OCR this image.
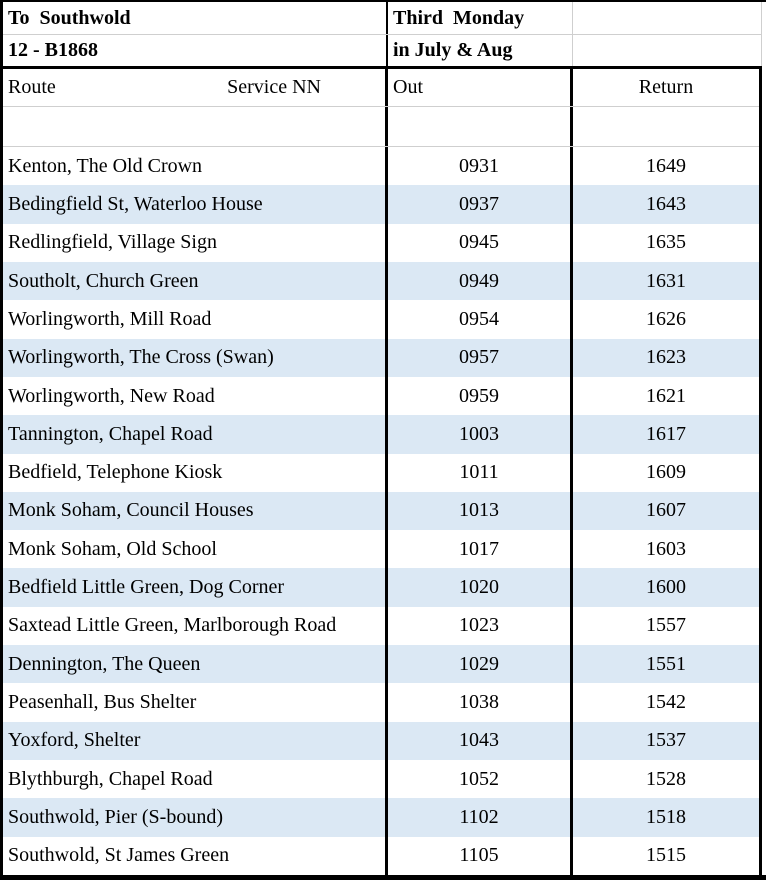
To  Southwold	Third  Monday
12 - B1868	in July & Aug
Route	Service NN	Out	Return
Kenton, The Old Crown	0931	1649
Bedingfield St, Waterloo House	0937	1643
Redlingfield, Village Sign	0945	1635
Southolt, Church Green	0949	1631
Worlingworth, Mill Road	0954	1626
Worlingworth, The Cross (Swan)	0957	1623
Worlingworth, New Road	0959	1621
Tannington, Chapel Road	1003	1617
Bedfield, Telephone Kiosk	1011	1609
Monk Soham, Council Houses	1013	1607
Monk Soham, Old School	1017	1603
Bedfield Little Green, Dog Corner	1020	1600
Saxtead Little Green, Marlborough Road	1023	1557
Dennington, The Queen	1029	1551
Peasenhall, Bus Shelter	1038	1542
Yoxford, Shelter	1043	1537
Blythburgh, Chapel Road	1052	1528
Southwold, Pier (S-bound)	1102	1518
Southwold, St James Green	1105	1515
